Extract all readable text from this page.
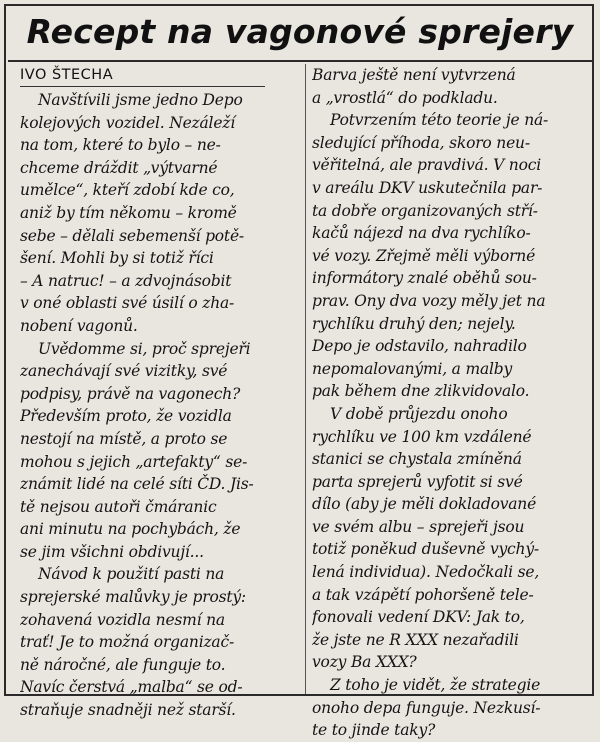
Recept na vagonové sprejery
IVO ŠTECHA
Navštívili jsme jedno Depo
kolejových vozidel. Nezáleží
na tom, které to bylo – ne-
chceme dráždit „výtvarné
umělce“, kteří zdobí kde co,
aniž by tím někomu – kromě
sebe – dělali sebemenší potě-
šení. Mohli by si totiž říci
– A natruc! – a zdvojnásobit
v oné oblasti své úsilí o zha-
nobení vagonů.
Uvědomme si, proč sprejeři
zanechávají své vizitky, své
podpisy, právě na vagonech?
Především proto, že vozidla
nestojí na místě, a proto se
mohou s jejich „artefakty“ se-
známit lidé na celé síti ČD. Jis-
tě nejsou autoři čmáranic
ani minutu na pochybách, že
se jim všichni obdivují...
Návod k použití pasti na
sprejerské malůvky je prostý:
zohavená vozidla nesmí na
trať! Je to možná organizač-
ně náročné, ale funguje to.
Navíc čerstvá „malba“ se od-
straňuje snadněji než starší.
Barva ještě není vytvrzená
a „vrostlá“ do podkladu.
Potvrzením této teorie je ná-
sledující příhoda, skoro neu-
věřitelná, ale pravdivá. V noci
v areálu DKV uskutečnila par-
ta dobře organizovaných stří-
kačů nájezd na dva rychlíko-
vé vozy. Zřejmě měli výborné
informátory znalé oběhů sou-
prav. Ony dva vozy měly jet na
rychlíku druhý den; nejely.
Depo je odstavilo, nahradilo
nepomalovanými, a malby
pak během dne zlikvidovalo.
V době průjezdu onoho
rychlíku ve 100 km vzdálené
stanici se chystala zmíněná
parta sprejerů vyfotit si své
dílo (aby je měli dokladované
ve svém albu – sprejeři jsou
totiž poněkud duševně vychý-
lená individua). Nedočkali se,
a tak vzápětí pohoršeně tele-
fonovali vedení DKV: Jak to,
že jste ne R XXX nezařadili
vozy Ba XXX?
Z toho je vidět, že strategie
onoho depa funguje. Nezkusí-
te to jinde taky?
